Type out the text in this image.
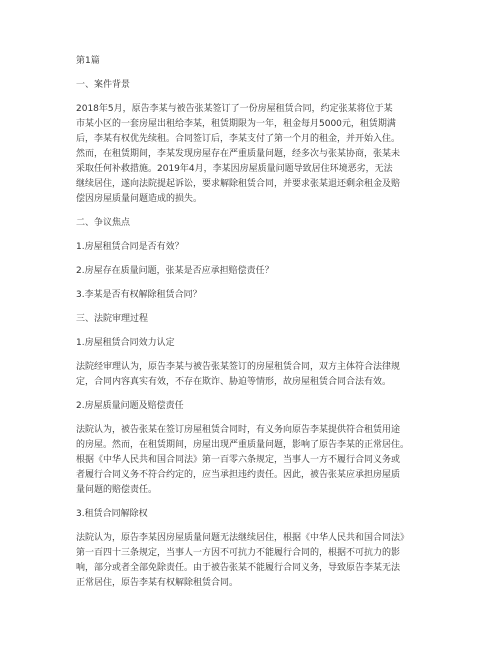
第1篇
一、案件背景
2018年5月，原告李某与被告张某签订了一份房屋租赁合同，约定张某将位于某
市某小区的一套房屋出租给李某，租赁期限为一年，租金每月5000元，租赁期满
后，李某有权优先续租。合同签订后，李某支付了第一个月的租金，并开始入住。
然而，在租赁期间，李某发现房屋存在严重质量问题，经多次与张某协商，张某未
采取任何补救措施。2019年4月，李某因房屋质量问题导致居住环境恶劣，无法
继续居住，遂向法院提起诉讼，要求解除租赁合同，并要求张某退还剩余租金及赔
偿因房屋质量问题造成的损失。
二、争议焦点
1.房屋租赁合同是否有效？
2.房屋存在质量问题，张某是否应承担赔偿责任？
3.李某是否有权解除租赁合同？
三、法院审理过程
1.房屋租赁合同效力认定
法院经审理认为，原告李某与被告张某签订的房屋租赁合同，双方主体符合法律规
定，合同内容真实有效，不存在欺诈、胁迫等情形，故房屋租赁合同合法有效。
2.房屋质量问题及赔偿责任
法院认为，被告张某在签订房屋租赁合同时，有义务向原告李某提供符合租赁用途
的房屋。然而，在租赁期间，房屋出现严重质量问题，影响了原告李某的正常居住。
根据《中华人民共和国合同法》第一百零六条规定，当事人一方不履行合同义务或
者履行合同义务不符合约定的，应当承担违约责任。因此，被告张某应承担房屋质
量问题的赔偿责任。
3.租赁合同解除权
法院认为，原告李某因房屋质量问题无法继续居住，根据《中华人民共和国合同法》
第一百四十三条规定，当事人一方因不可抗力不能履行合同的，根据不可抗力的影
响，部分或者全部免除责任。由于被告张某不能履行合同义务，导致原告李某无法
正常居住，原告李某有权解除租赁合同。
